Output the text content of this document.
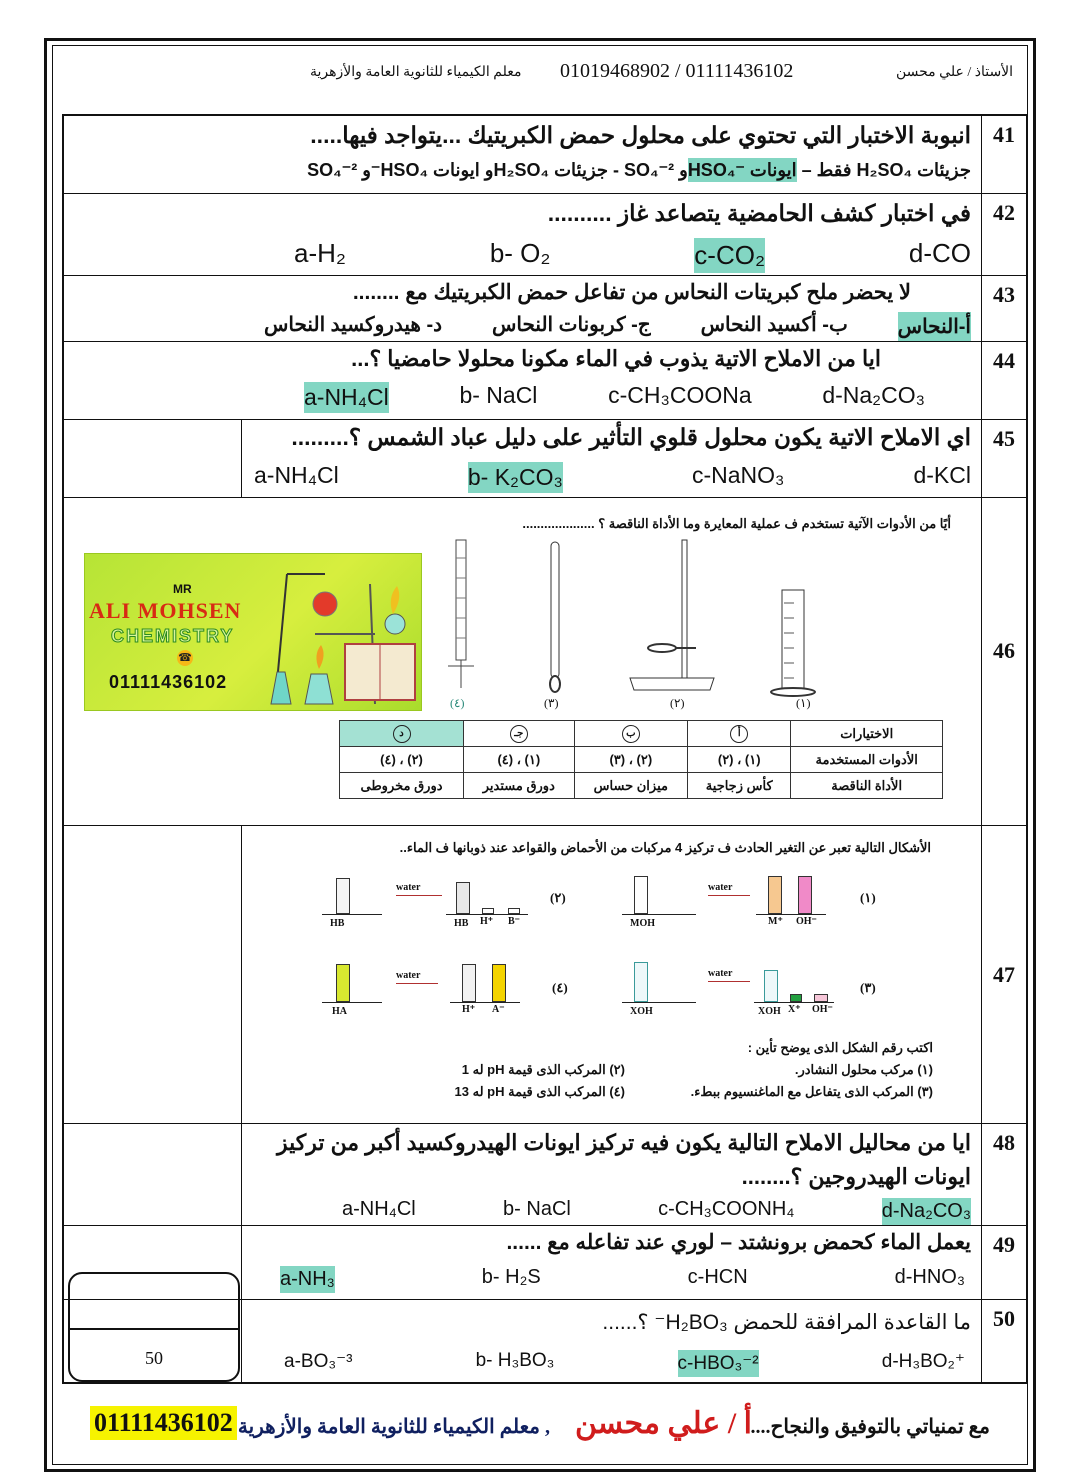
معلم الكيمياء للثانوية العامة والأزهرية 01019468902 / 01111436102	الأستاذ / علي محسن
41
انبوبة الاختبار التي تحتوي على محلول حمض الكبريتيك ...يتواجد فيها.....
جزيئات H₂SO₄ فقط – ايونات HSO₄⁻و SO₄⁻² - جزيئات H₂SO₄و ايونات HSO₄⁻و SO₄⁻²
42
في اختبار كشف الحامضية يتصاعد غاز ..........
a-H₂	b- O₂	c-CO₂	d-CO
43
لا يحضر ملح كبريتات النحاس من تفاعل حمض الكبريتيك مع ........
أ-النحاس
ب- أكسيد النحاس
ج- كربونات النحاس
د- هيدروكسيد النحاس
44
ايا من الاملاح الاتية يذوب في الماء مكونا محلولا حامضيا ؟...
a-NH₄Cl	b- NaCl	c-CH₃COONa	d-Na₂CO₃
45
اي الاملاح الاتية يكون محلول قلوي التأثير على دليل عباد الشمس ؟.........
a-NH₄Cl	b- K₂CO₃	c-NaNO₃	d-KCl
46
MR
ALI MOHSEN
CHEMISTRY
☎
01111436102
أيًا من الأدوات الآتية تستخدم ف عملية المعايرة وما الأداة الناقصة ؟ ....................
(١)
(٢)
(٣)
(٤)
الاختيارات	أ	ب	جـ	د
الأدوات المستخدمة	(١) ، (٢)	(٢) ، (٣)	(١) ، (٤)	(٢) ، (٤)
الأداة الناقصة	كأس زجاجية	ميزان حساس	دورق مستدير	دورق مخروطى
47
الأشكال التالية تعبر عن التغير الحادث ف تركيز 4 مركبات من الأحماض والقواعد عند ذوبانها ف الماء..
HB
water
HB H⁺ B⁻
(٢)
MOH
water
M⁺ OH⁻
(١)
HA
water
H⁺ A⁻
(٤)
XOH
water
XOH X⁺ OH⁻
(٣)
اكتب رقم الشكل الذى يوضح تأين :
(١) مركب محلول النشادر.
(٢) المركب الذى قيمة pH له 1
(٣) المركب الذى يتفاعل مع الماغنسيوم ببطء.
(٤) المركب الذى قيمة pH له 13
48
ايا من محاليل الاملاح التالية يكون فيه تركيز ايونات الهيدروكسيد أكبر من تركيز
ايونات الهيدروجين ؟........
a-NH₄Cl	b- NaCl	c-CH₃COONH₄	d-Na₂CO₃
49
يعمل الماء كحمض برونشتد – لوري عند تفاعله مع ......
a-NH₃	b- H₂S	c-HCN	d-HNO₃
50
ما القاعدة المرافقة للحمض H₂BO₃⁻ ؟......
a-BO₃⁻³	b- H₃BO₃	c-HBO₃⁻²	d-H₃BO₂⁺
50
مع تمنياتي بالتوفيق والنجاح....
أ / علي محسن
, معلم الكيمياء للثانوية العامة والأزهرية
01111436102
